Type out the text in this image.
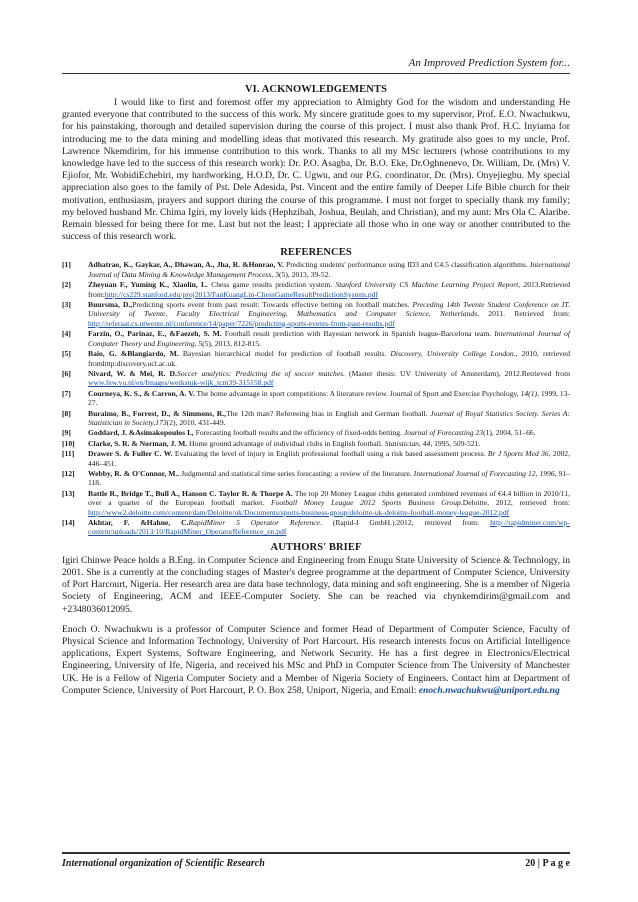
An Improved Prediction System for...
VI. ACKNOWLEDGEMENTS

I would like to first and foremost offer my appreciation to Almighty God for the wisdom and understanding He granted everyone that contributed to the success of this work. My sincere gratitude goes to my supervisor, Prof. E.O. Nwachukwu, for his painstaking, thorough and detailed supervision during the course of this project. I must also thank Prof. H.C. Inyiama for introducing me to the data mining and modelling ideas that motivated this research. My gratitude also goes to my uncle, Prof. Lawrence Nkemdirim, for his immense contribution to this work. Thanks to all my MSc lecturers (whose contributions to my knowledge have led to the success of this research work): Dr. P.O. Asagba, Dr. B.O. Eke, Dr.Oghnenevo, Dr. William, Dr. (Mrs) V. Ejiofor, Mr. WobidiEchebiri, my hardworking, H.O.D, Dr. C. Ugwu, and our P.G. coordinator, Dr. (Mrs). Onyejiegbu. My special appreciation also goes to the family of Pst. Dele Adesida, Pst. Vincent and the entire family of Deeper Life Bible church for their motivation, enthusiasm, prayers and support during the course of this programme. I must not forget to specially thank my family; my beloved husband Mr. Chima Igiri, my lovely kids (Hephzibah, Joshua, Beulah, and Christian), and my aunt: Mrs Ola C. Alaribe. Remain blessed for being there for me. Last but not the least; I appreciate all those who in one way or another contributed to the success of this research work.

REFERENCES
[1]	Adhatrao, K., Gaykar, A., Dhawan, A., Jha, R. &Honrao, V. Predicting students' performance using ID3 and C4.5 classification algorithms. International Journal of Data Mining & Knowledge Management Process, 3(5), 2013, 39-52.
[2]	Zheyuan F., Yuming K., Xiaolin, L. Chess game results prediction system. Stanford University CS Machine Learning Project Report, 2013.Retrieved from:http://cs229.stanford.edu/proj2013/FanKuangLin-ChessGameResultPredictionSystem.pdf
[3]	Buursma, D.,Predicting sports event from past result: Towards effective betting on football matches. Preceding 14th Twente Student Conference on IT. University of Twente, Faculty Electrical Engineering, Mathematics and Computer Science, Netherlands, 2011. Retrieved from: http://referaat.cs.utwente.nl/conference/14/paper/7226/predicting-sports-events-from-past-results.pdf
[4]	Farzin, O., Parinaz, E., &Faezeh, S. M. Football result prediction with Bayesian network in Spanish league-Barcelona team. International Journal of Computer Theory and Engineering, 5(5), 2013, 812-815.
[5]	Baio, G. &Blangiardo, M. Bayesian hierarchical model for prediction of football results. Discovery, University College London., 2010, retrieved fromhttp:discovery.ucl.ac.uk.
[6]	Nivard, W. & Mei, R. D.Soccer analytics: Predicting the of soccer matches. (Master thesis: UV University of Amsterdam), 2012.Retrieved from www.few.vu.nl/en/Images/werkstuk-wijk_tcm39-315158.pdf
[7]	Courneya, K. S., & Carron, A. V. The home advantage in sport competitions: A literature review. Journal of Sport and Exercise Psychology, 14(1), 1999, 13-27.
[8]	Buraimo, B., Forrest, D., & Simmons, R.,The 12th man? Refereeing bias in English and German football. Journal of Royal Statistics Society. Series A: Statistician in Society,173(2), 2010, 431-449.
[9]	Goddard, J. &Asimakopoulos I., Forecasting football results and the efficiency of fixed-odds betting. Journal of Forecasting 23(1), 2004, 51–66.
[10]	Clarke, S. R. & Norman, J. M. Home ground advantage of individual clubs in English football. Statistician, 44, 1995, 509-521.
[11]	Drawer S. & Fuller C. W. Evaluating the level of injury in English professional football using a risk based assessment process. Br J Sports Med 36, 2002, 446–451.
[12]	Webby, R. & O'Connor, M.. Judgmental and statistical time series forecasting: a review of the literature. International Journal of Forecasting 12, 1996, 91–118.
[13]	Battle R., Bridge T., Bull A., Hanson C. Taylor R. & Thorpe A. The top 20 Money League clubs generated combined revenues of €4.4 billion in 2010/11, over a quarter of the European football market. Football Money League 2012 Sports Business Group.Deloitte, 2012, retrieved from: http://www2.deloitte.com/content/dam/Deloitte/uk/Documents/sports-business-group/deloitte-uk-deloitte-football-money-league-2012.pdf
[14]	Akhtar, F. &Hahne, C.RapidMiner 5 Operator Reference. (Rapid-I GmbH.).2012, retrieved from: http://rapidminer.com/wp-content/uploads/2013/10/RapidMiner_OperatorReference_en.pdf
AUTHORS' BRIEF

Igiri Chinwe Peace holds a B.Eng. in Computer Science and Engineering from Enugu State University of Science & Technology, in 2001. She is a currently at the concluding stages of Master's degree programme at the department of Computer Science, University of Port Harcourt, Nigeria. Her research area are data base technology, data mining and soft engineering. She is a member of Nigeria Society of Engineering, ACM and IEEE-Computer Society. She can be reached via chynkemdirim@gmail.com and +2348036012095.

Enoch O. Nwachukwu is a professor of Computer Science and former Head of Department of Computer Science, Faculty of Physical Science and Information Technology, University of Port Harcourt. His research interests focus on Artificial Intelligence applications, Expert Systems, Software Engineering, and Network Security. He has a first degree in Electronics/Electrical Engineering, University of Ife, Nigeria, and received his MSc and PhD in Computer Science from The University of Manchester UK. He is a Fellow of Nigeria Computer Society and a Member of Nigeria Society of Engineers. Contact him at Department of Computer Science, University of Port Harcourt, P. O. Box 258, Uniport, Nigeria, and Email: enoch.nwachukwu@uniport.edu.ng

International organization of Scientific Research	20 | P a g e
